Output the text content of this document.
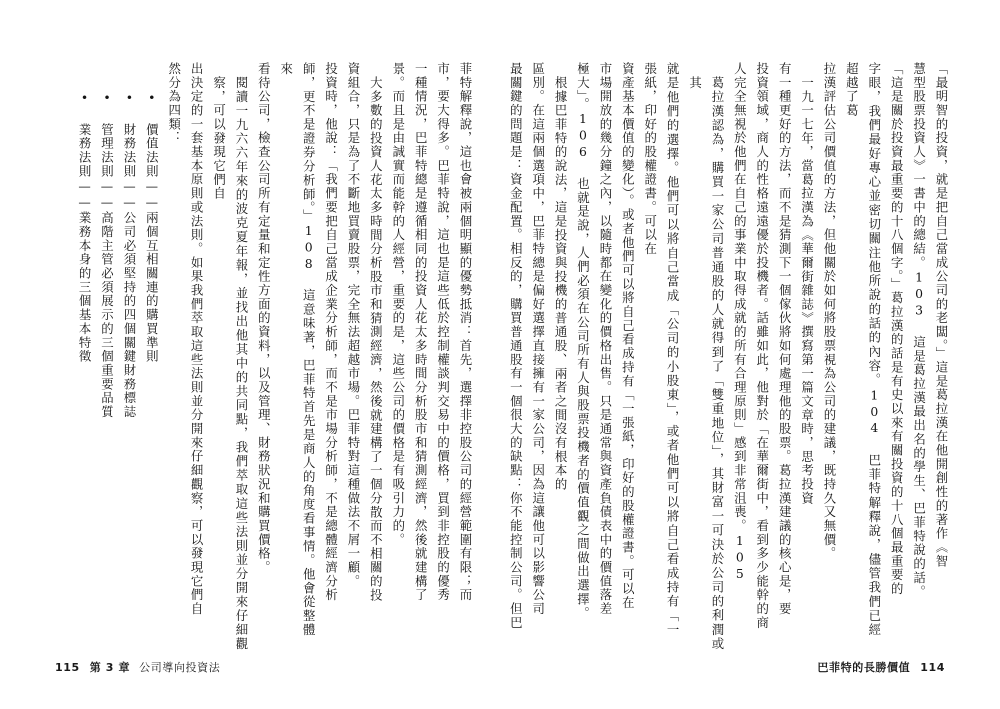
「最明智的投資，就是把自己當成公司的老闆。」這是葛拉漢在他開創性的著作《智
慧型股票投資人》一書中的總結。103 這是葛拉漢最出名的學生、巴菲特說的話。
「這是關於投資最重要的十八個字。」葛拉漢的話是有史以來有關投資的十八個最重要的
字眼，我們最好專心並密切關注他所說的話的內容。104 巴菲特解釋說，儘管我們已經超越了葛
拉漢評估公司價值的方法，但他關於如何將股票視為公司的建議，既持久又無價。
一九一七年，當葛拉漢為《華爾街雜誌》撰寫第一篇文章時，思考投資
有一種更好的方法，而不是猜測下一個傢伙將如何處理他的股票。葛拉漢建議的核心是，要
投資領域，商人的性格遠遠優於投機者。話雖如此，他對於「在華爾街中，看到多少能幹的商
人完全無視於他們在自己的事業中取得成就的所有合理原則」感到非常沮喪。105
葛拉漢認為，購買一家公司普通股的人就得到了「雙重地位」，其財富一可決於公司的利潤或其
就是他們的選擇。他們可以將自己當成「公司的小股東」，或者他們可以將自己看成持有「一張紙，印好的股權證書。可以在
資產基本價值的變化）。或者他們可以將自己看成持有「一張紙，印好的股權證書。可以在
市場開放的幾分鐘之內，以隨時都在變化的價格出售。只是通常與資產負債表中的價值落差
極大」。106 也就是說，人們必須在公司所有人與股票投機者的價值觀之間做出選擇。
根據巴菲特的說法，這是投資與投機的普通股、兩者之間沒有根本的
區別。在這兩個選項中，巴菲特總是偏好選擇直接擁有一家公司，因為這讓他可以影響公司
最關鍵的問題是：資金配置。相反的，購買普通股有一個很大的缺點：你不能控制公司。但巴
菲特解釋說，這也會被兩個明顯的優勢抵消：首先，選擇非控股公司的經營範圍有限；而
市，要大得多。巴菲特說，這也是這些低於控制權談判交易中的價格，買到非控股的優秀
一種情況，巴菲特總是遵循相同的投資人花太多時間分析股市和猜測經濟，然後就建構了
景。而且是由誠實而能幹的人經營，重要的是，這些公司的價格是有吸引力的。
大多數的投資人花太多時間分析股市和猜測經濟，然後就建構了一個分散而不相關的投
資組合，只是為了不斷地買賣股票，完全無法超越市場。巴菲特對這種做法不屑一顧。
投資時，他說：「我們要把自己當成企業分析師，而不是市場分析師，不是總體經濟分析
師，更不是證券分析師。」108 這意味著，巴菲特首先是商人的角度看事情。他會從整體來
看待公司，檢查公司所有定量和定性方面的資料，以及管理、財務狀況和購買價格。
閱讀一九六六年來的波克夏年報，並找出他其中的共同點，我們萃取這些法則並分開來仔細觀察，可以發現它們自
出決定的一套基本原則或法則。如果我們萃取這些法則並分開來仔細觀察，可以發現它們自
然分為四類：
• 價值法則——兩個互相關連的購買準則
• 財務法則——公司必須堅持的四個關鍵財務標誌
• 管理法則——高階主管必須展示的三個重要品質
• 業務法則——業務本身的三個基本特徵
115 第 3 章 公司導向投資法	巴菲特的長勝價值 114
